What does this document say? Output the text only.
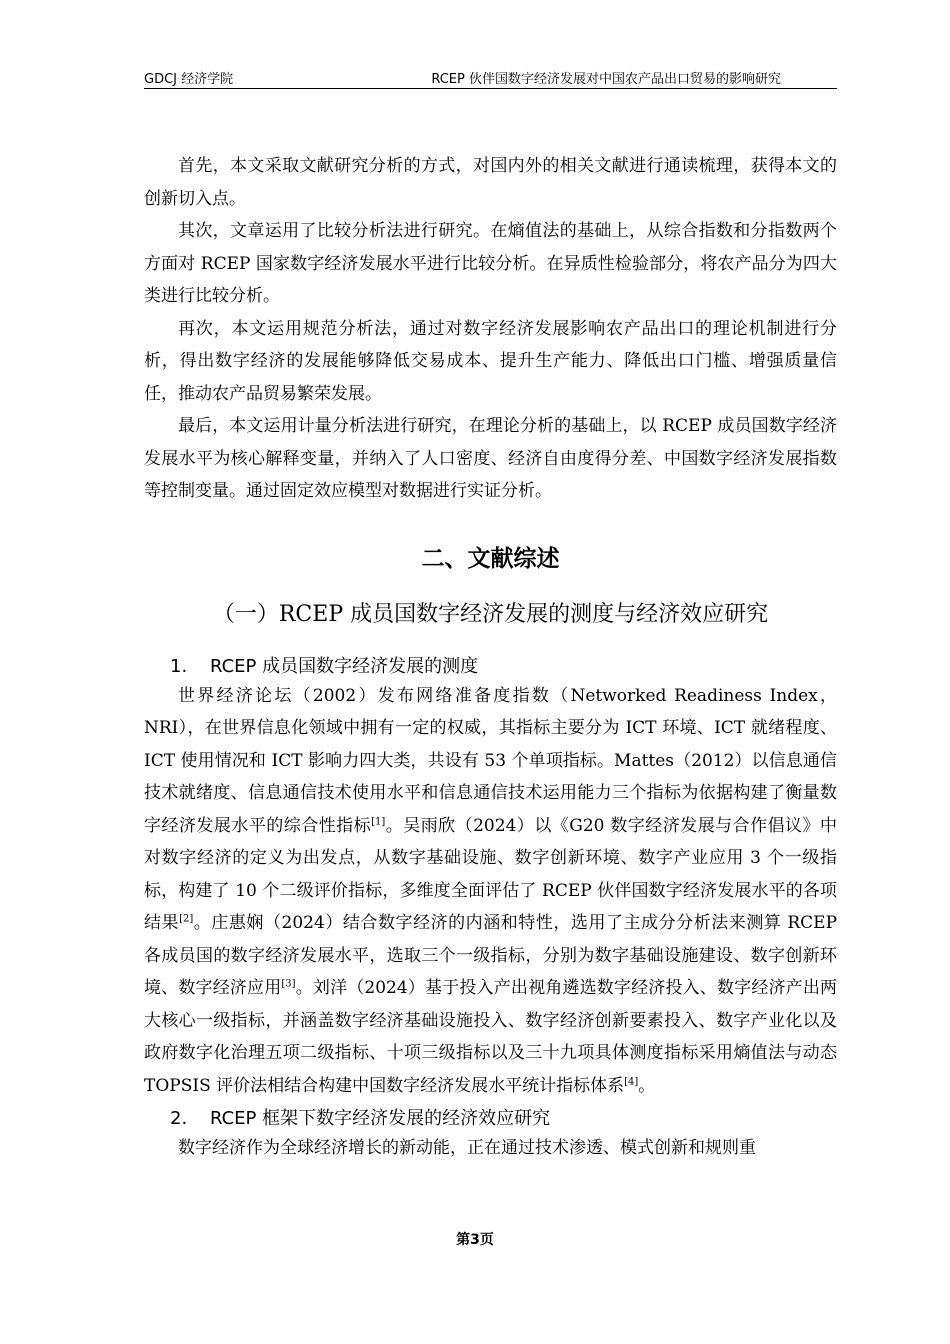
GDCJ 经济学院	RCEP 伙伴国数字经济发展对中国农产品出口贸易的影响研究

首先，本文采取文献研究分析的方式，对国内外的相关文献进行通读梳理，获得本文的创新切入点。

其次，文章运用了比较分析法进行研究。在熵值法的基础上，从综合指数和分指数两个方面对 RCEP 国家数字经济发展水平进行比较分析。在异质性检验部分，将农产品分为四大类进行比较分析。

再次，本文运用规范分析法，通过对数字经济发展影响农产品出口的理论机制进行分析，得出数字经济的发展能够降低交易成本、提升生产能力、降低出口门槛、增强质量信任，推动农产品贸易繁荣发展。

最后，本文运用计量分析法进行研究，在理论分析的基础上，以 RCEP 成员国数字经济发展水平为核心解释变量，并纳入了人口密度、经济自由度得分差、中国数字经济发展指数等控制变量。通过固定效应模型对数据进行实证分析。

二、文献综述
（一）RCEP 成员国数字经济发展的测度与经济效应研究
1. RCEP 成员国数字经济发展的测度

世界经济论坛（2002）发布网络准备度指数（Networked Readiness Index，NRI），在世界信息化领域中拥有一定的权威，其指标主要分为 ICT 环境、ICT 就绪程度、ICT 使用情况和 ICT 影响力四大类，共设有 53 个单项指标。Mattes（2012）以信息通信技术就绪度、信息通信技术使用水平和信息通信技术运用能力三个指标为依据构建了衡量数字经济发展水平的综合性指标[1]。吴雨欣（2024）以《G20 数字经济发展与合作倡议》中对数字经济的定义为出发点，从数字基础设施、数字创新环境、数字产业应用 3 个一级指标，构建了 10 个二级评价指标，多维度全面评估了 RCEP 伙伴国数字经济发展水平的各项结果[2]。庄惠娴（2024）结合数字经济的内涵和特性，选用了主成分分析法来测算 RCEP 各成员国的数字经济发展水平，选取三个一级指标，分别为数字基础设施建设、数字创新环境、数字经济应用[3]。刘洋（2024）基于投入产出视角遴选数字经济投入、数字经济产出两大核心一级指标，并涵盖数字经济基础设施投入、数字经济创新要素投入、数字产业化以及政府数字化治理五项二级指标、十项三级指标以及三十九项具体测度指标采用熵值法与动态 TOPSIS 评价法相结合构建中国数字经济发展水平统计指标体系[4]。

2. RCEP 框架下数字经济发展的经济效应研究

数字经济作为全球经济增长的新动能，正在通过技术渗透、模式创新和规则重

第3页
